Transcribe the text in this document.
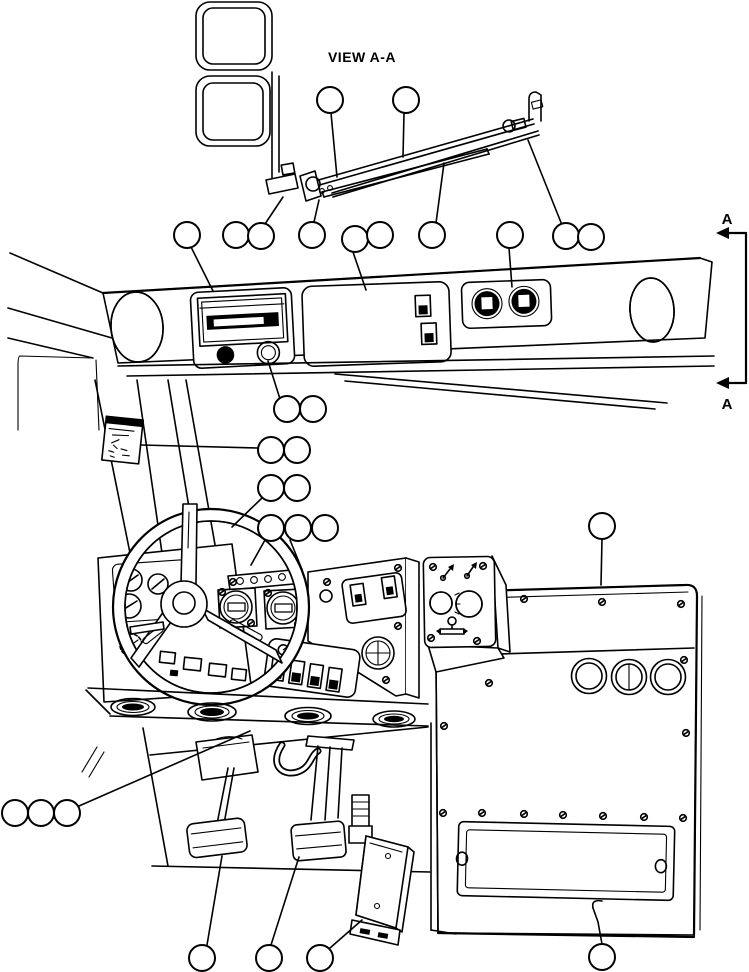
VIEW A-A
A
A
